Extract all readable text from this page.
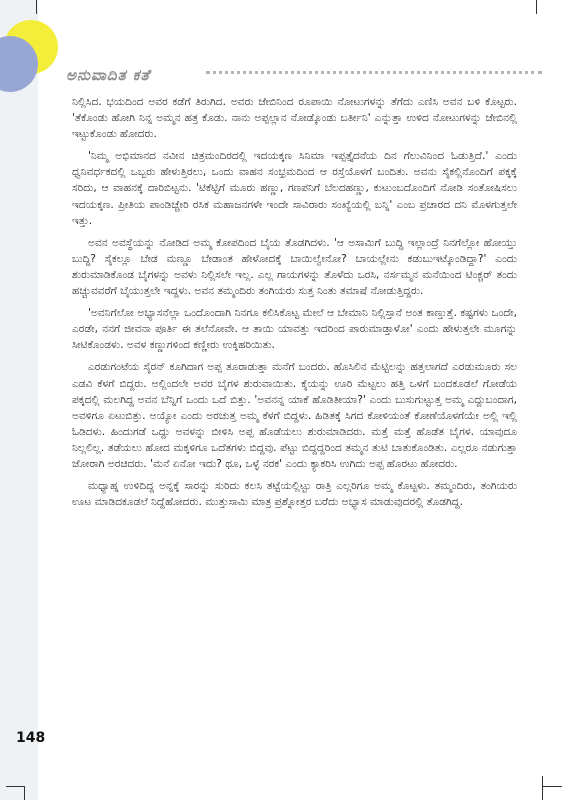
ಅನುವಾದಿತ ಕತೆ

ನಿಲ್ಲಿಸಿದ. ಭಯದಿಂದ ಅವರ ಕಡೆಗೆ ತಿರುಗಿದ. ಅವರು ಜೇಬಿನಿಂದ ರೂಪಾಯಿ ನೋಟುಗಳನ್ನು ತೆಗೆದು ಎಣಿಸಿ ಅವನ ಬಳಿ ಕೊಟ್ಟರು. 'ತೆಕೊಂಡು ಹೋಗಿ ನಿನ್ನ ಅಮ್ಮನ ಹತ್ರ ಕೊಡು. ನಾನು ಅಪ್ಪಲ್ಲಾನ ನೋಡ್ಕೊಂಡು ಬರ್ತೀನಿ' ಎನ್ನುತ್ತಾ ಉಳಿದ ನೋಟುಗಳನ್ನು ಜೇಬಿನಲ್ಲಿ ಇಟ್ಟುಕೊಂಡು ಹೋದರು.

'ನಿಮ್ಮ ಅಭಿಮಾನದ ನವೀನ ಚಿತ್ರಮಂದಿರದಲ್ಲಿ ಇದಯಕ್ಕಣ ಸಿನಿಮಾ ಇಪ್ಪತ್ತೈದನೆಯ ದಿನ ಗೆಲುವಿನಿಂದ ಓಡುತ್ತಿದೆ.' ಎಂದು ಧ್ವನಿವರ್ಧಕದಲ್ಲಿ ಒಬ್ಬರು ಹೇಳುತ್ತಿರಲು, ಒಂದು ವಾಹನ ಸಂಭ್ರಮದಿಂದ ಆ ರಸ್ತೆಯೊಳಗೆ ಬಂದಿತು. ಅವನು ಸೈಕಲ್ಲಿನೊಂದಿಗೆ ಪಕ್ಕಕ್ಕೆ ಸರಿದು, ಆ ವಾಹನಕ್ಕೆ ದಾರಿಬಿಟ್ಟನು. 'ಟಿಕೆಟ್ಟಿಗೆ ಮೂರು ಹಣ್ಣು, ಗಣಪನಿಗೆ ಬೆಲದಹಣ್ಣು, ಕುಟುಂಬದೊಂದಿಗೆ ನೋಡಿ ಸಂತೋಷಿಸಲು ಇದಯಕ್ಕಣ. ಪ್ರೀತಿಯ ಪಾಂಡಿಚ್ಚೇರಿ ರಸಿಕ ಮಹಾಜನಗಳೇ ಇಂದೇ ಸಾವಿರಾರು ಸಂಖ್ಯೆಯಲ್ಲಿ ಬನ್ನಿ' ಎಂಬ ಪ್ರಚಾರದ ದನಿ ಮೊಳಗುತ್ತಲೇ ಇತ್ತು.

ಅವನ ಅವಸ್ಥೆಯನ್ನು ನೋಡಿದ ಅಮ್ಮ ಕೋಪದಿಂದ ಬೈಯ ತೊಡಗಿದಳು. 'ಆ ಅಸಾಮಿಗೆ ಬುದ್ಧಿ ಇಲ್ಲಾಂದ್ರೆ ನಿನಗೆಲ್ಲೋ ಹೋಯ್ತು ಬುದ್ಧಿ? ಸೈಕಲ್ಲೂ ಬೇಡ ಮಣ್ಣೂ ಬೇಡಾಂತ ಹೇಳೋದಕ್ಕೆ ಬಾಯಿಲ್ವೇನೋ? ಬಾಯಲ್ಲೇನು ಕಡುಬುಇಟ್ಕೊಂಡಿದ್ದಾ?' ಎಂದು ಶುರುಮಾಡಿಕೊಂಡ ಬೈಗಳನ್ನು ಅವಳು ನಿಲ್ಲಿಸಲೇ ಇಲ್ಲ. ಎಲ್ಲ ಗಾಯಗಳನ್ನು ತೊಳೆದು ಒರಸಿ, ನರ್ಸಮ್ಮನ ಮನೆಯಿಂದ ಟಿಂಕ್ಚರ್ ತಂದು ಹಚ್ಚುವವರೆಗೆ ಬೈಯುತ್ತಲೇ ಇದ್ದಳು. ಅವನ ತಮ್ಮಂದಿರು ತಂಗಿಯರು ಸುತ್ತ ನಿಂತು ತಮಾಷೆ ನೋಡುತ್ತಿದ್ದರು.

'ಅವನಿಗೆಲೋ ಅಭ್ಯಾಸನೆಲ್ಲಾ ಒಂದೊಂದಾಗಿ ನಿನಗೂ ಕಲಿಸಿಕೊಟ್ಟ ಮೇಲೆ ಆ ಬೇಮಾನಿ ನಿಲ್ಲಿಸ್ತಾನೆ ಅಂತ ಕಾಣ್ತುತ್ತೆ. ಕಷ್ಟಗಳು ಒಂದೇ, ಎರಡೇ, ನನಗೆ ಜೀವನಾ ಪೂರ್ತಿ ಈ ತಲೆನೋವೇ. ಆ ತಾಯಿ ಯಾವತ್ತು ಇದರಿಂದ ಪಾರುಮಾಡ್ತಾಳೋ' ಎಂದು ಹೇಳುತ್ತಲೇ ಮೂಗನ್ನು ಸೀಟಿಕೊಂಡಳು. ಅವಳ ಕಣ್ಣುಗಳಿಂದ ಕಣ್ಣೀರು ಉಕ್ಕಿಹರಿಯಿತು.

ಎರಡುಗಂಟೆಯ ಸೈರನ್ ಕೂಗಿದಾಗ ಅಪ್ಪ ತೂರಾಡುತ್ತಾ ಮನೆಗೆ ಬಂದರು. ಹೊಸಿಲಿನ ಮೆಟ್ಟಿಲನ್ನು ಹತ್ತಲಾಗದೆ ಎರಡುಮೂರು ಸಲ ಎಡವಿ ಕೆಳಗೆ ಬಿದ್ದರು. ಅಲ್ಲಿಂದಲೇ ಅವರ ಬೈಗಳ ಶುರುವಾಯಿತು. ಕೈಯನ್ನು ಊರಿ ಮೆಟ್ಟಲು ಹತ್ತಿ ಒಳಗೆ ಬಂದಕೂಡಲೆ ಗೋಡೆಯ ಪಕ್ಕದಲ್ಲಿ ಮಲಗಿದ್ದ ಅವನ ಬೆನ್ನಿಗೆ ಒಂದು ಒದೆ ಬಿತ್ತು. 'ಅವನನ್ನ ಯಾಕೆ ಹೊಡಿತೀಯಾ?' ಎಂದು ಬುಸುಗುಟ್ಟುತ್ತ ಅಮ್ಮ ಎದ್ದುಬಂದಾಗ, ಅವಳಿಗೂ ಏಟುಬಿತ್ತು. ಅಯ್ಯೋ ಎಂದು ಅರಚುತ್ತ ಅಮ್ಮ ಕೆಳಗೆ ಬಿದ್ದಳು. ಹಿಡಿತಕ್ಕೆ ಸಿಗದ ಕೋಳಿಯಂತೆ ಕೋಣೆಯೊಳಗೆಯೇ ಅಲ್ಲಿ ಇಲ್ಲಿ ಓಡಿದಳು. ಹಿಂದುಗಡೆ ಒದ್ದು ಅವಳನ್ನು ಬೀಳಿಸಿ ಅಪ್ಪ ಹೊಡೆಯಲು ಶುರುಮಾಡಿದರು. ಮತ್ತೆ ಮತ್ತೆ ಹೊಡೆತ ಬೈಗಳ. ಯಾವುದೂ ನಿಲ್ಲಲಿಲ್ಲ. ತಡೆಯಲು ಹೋದ ಮಕ್ಕಳಿಗೂ ಒದೆತಗಳು ಬಿದ್ದವು. ಪೆಟ್ಟು ಬಿದ್ದದ್ದರಿಂದ ತಮ್ಮನ ತುಟಿ ಬಾತುಕೊಂಡಿತು. ಎಲ್ಲರೂ ನಡುಗುತ್ತಾ ಜೋರಾಗಿ ಅರಚಿದರು. 'ಮನೆ ಏನೋ ಇದು? ಥೂ, ಒಳ್ಳೆ ನರಕ' ಎಂದು ಕ್ಯಾಕರಿಸಿ ಉಗಿದು ಅಪ್ಪ ಹೊರಟು ಹೋದರು.

ಮಧ್ಯಾಹ್ನ ಉಳಿದಿದ್ದ ಅನ್ನಕ್ಕೆ ಸಾರನ್ನು ಸುರಿದು ಕಲಸಿ ತಟ್ಟೆಯಲ್ಲಿಟ್ಟು ರಾತ್ರಿ ಎಲ್ಲರಿಗೂ ಅಮ್ಮ ಕೊಟ್ಟಳು. ತಮ್ಮಂದಿರು, ತಂಗಿಯರು ಊಟ ಮಾಡಿದಕೂಡಲೆ ನಿದ್ದೆಹೋದರು. ಮುತ್ತುಸಾಮಿ ಮಾತ್ರ ಪ್ರಶ್ನೋತ್ತರ ಬರೆದು ಅಭ್ಯಾಸ ಮಾಡುವುದರಲ್ಲಿ ತೊಡಗಿದ್ದ.

148
